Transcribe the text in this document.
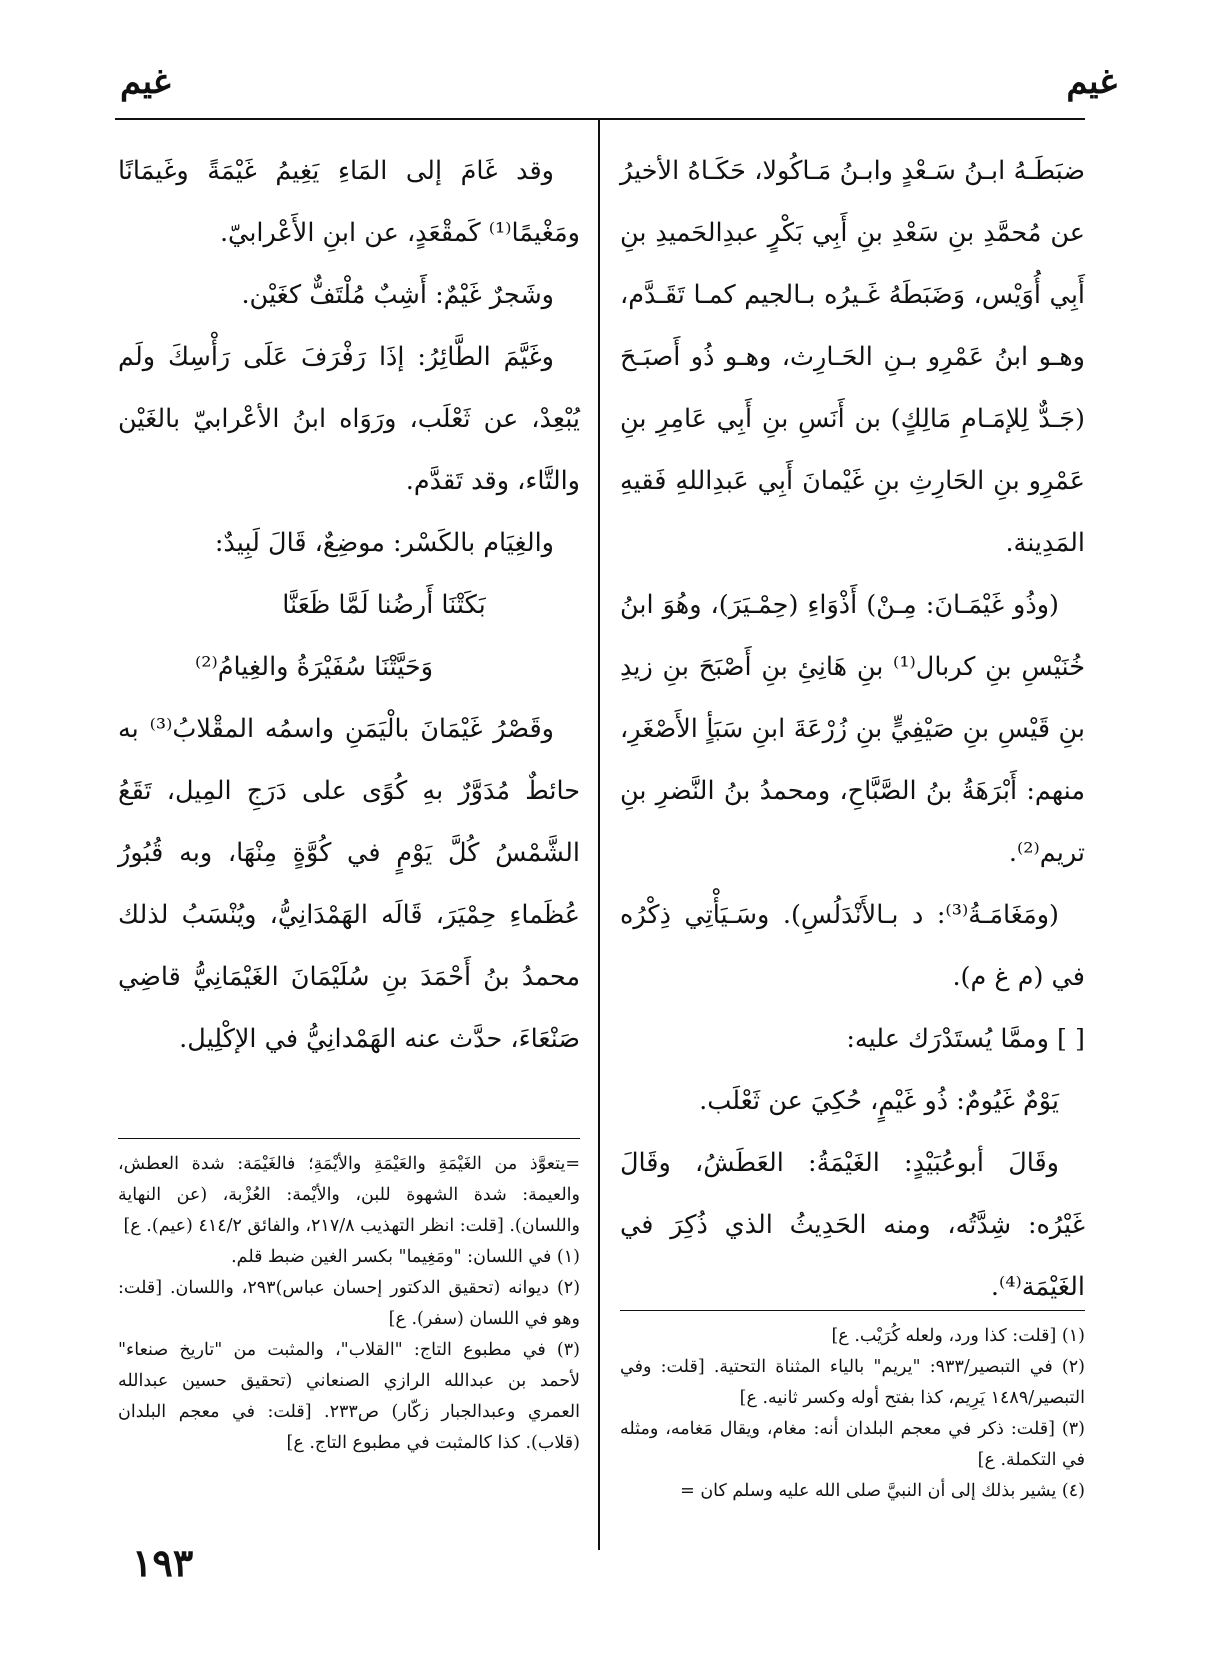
غيم
غيم

ضبَطَـهُ ابـنُ سَـعْدٍ وابـنُ مَـاكُولا، حَكَـاهُ الأخيرُ عن مُحمَّدِ بنِ سَعْدِ بنِ أَبِي بَكْرٍ عبدِالحَميدِ بنِ أَبِي أُوَيْس، وَضَبَطَهُ غَـيرُه بـالجيم كمـا تَقَـدَّم، وهـو ابنُ عَمْرِو بـنِ الحَـارِث، وهـو ذُو أَصبَـحَ (جَـدٌّ لِلإمَـامِ مَالِكٍ) بن أَنَسِ بنِ أَبِي عَامِرِ بنِ عَمْرِو بنِ الحَارِثِ بنِ غَيْمانَ أَبِي عَبدِاللهِ فَقيهِ المَدِينة.

(وذُو غَيْمَـانَ: مِـنْ) أَذْوَاءِ (حِمْـيَرَ)، وهُوَ ابنُ خُنَيْسِ بنِ كربال⁽¹⁾ بنِ هَانِئِ بنِ أَصْبَحَ بنِ زيدِ بنِ قَيْسِ بنِ صَيْفِيٍّ بنِ زُرْعَةَ ابنِ سَبَأٍ الأَصْغَرِ، منهم: أَبْرَهَةُ بنُ الصَّبَّاحِ، ومحمدُ بنُ النَّضرِ بنِ تريم⁽²⁾.

(ومَغَامَـةُ⁽³⁾: د بـالأَنْدَلُسِ). وسَـيَأْتِي ذِكْرُه في (م غ م).

[ ] وممَّا يُستَدْرَك عليه:

يَوْمٌ غَيُومٌ: ذُو غَيْمٍ، حُكِيَ عن ثَعْلَب.

وقَالَ أبوعُبَيْدٍ: الغَيْمَةُ: العَطَشُ، وقَالَ غَيْرُه: شِدَّتُه، ومنه الحَدِيثُ الذي ذُكِرَ في الغَيْمَة⁽⁴⁾.

(١) [قلت: كذا ورد، ولعله كُرَيْب. ع]

(٢) في التبصير/٩٣٣: "يريم" بالياء المثناة التحتية. [قلت: وفي التبصير/١٤٨٩ يَرِيم، كذا بفتح أوله وكسر ثانيه. ع]

(٣) [قلت: ذكر في معجم البلدان أنه: مغام، ويقال مَغامه، ومثله في التكملة. ع]

(٤) يشير بذلك إلى أن النبيَّ صلى الله عليه وسلم كان =

وقد غَامَ إلى المَاءِ يَغِيمُ غَيْمَةً وغَيمَانًا ومَغْيمًا⁽¹⁾ كَمقْعَدٍ، عن ابنِ الأَعْرابيّ.

وشَجرٌ غَيْمٌ: أَشِبٌ مُلْتَفٌّ كغَيْن.

وغَيَّمَ الطَّائِرُ: إذَا رَفْرَفَ عَلَى رَأْسِكَ ولَم يُبْعِدْ، عن ثَعْلَب، ورَوَاه ابنُ الأعْرابيّ بالغَيْن والتَّاء، وقد تَقدَّم.

والغِيَام بالكَسْر: موضِعٌ، قَالَ لَبِيدٌ:

بَكَتْنَا أَرضُنا لَمَّا ظَعَنَّا

وَحَيَّتْنَا سُفَيْرَةُ والغِيامُ⁽²⁾

وقَصْرُ غَيْمَانَ بالْيَمَنِ واسمُه المقْلابُ⁽³⁾ به حائطٌ مُدَوَّرٌ بهِ كُوًى على دَرَجِ المِيل، تَقَعُ الشَّمْسُ كُلَّ يَوْمٍ في كُوَّةٍ مِنْهَا، وبه قُبُورُ عُظَماءِ حِمْيَرَ، قَالَه الهَمْدَانِيُّ، ويُنْسَبُ لذلك محمدُ بنُ أَحْمَدَ بنِ سُلَيْمَانَ الغَيْمَانِيُّ قاضِي صَنْعَاءَ، حدَّث عنه الهَمْدانِيُّ في الإكْلِيل.

=يتعوَّذ من الغَيْمَةِ والعَيْمَةِ والأيْمَةِ؛ فالغَيْمَة: شدة العطش، والعيمة: شدة الشهوة للبن، والأيْمة: العُزْبة، (عن النهاية واللسان). [قلت: انظر التهذيب ٢١٧/٨، والفائق ٤١٤/٢ (عيم). ع]

(١) في اللسان: "ومَغِيما" بكسر الغين ضبط قلم.

(٢) ديوانه (تحقيق الدكتور إحسان عباس)٢٩٣، واللسان. [قلت: وهو في اللسان (سفر). ع]

(٣) في مطبوع التاج: "القلاب"، والمثبت من "تاريخ صنعاء" لأحمد بن عبدالله الرازي الصنعاني (تحقيق حسين عبدالله العمري وعبدالجبار زكّار) ص٢٣٣. [قلت: في معجم البلدان (قلاب). كذا كالمثبت في مطبوع التاج. ع]

١٩٣
